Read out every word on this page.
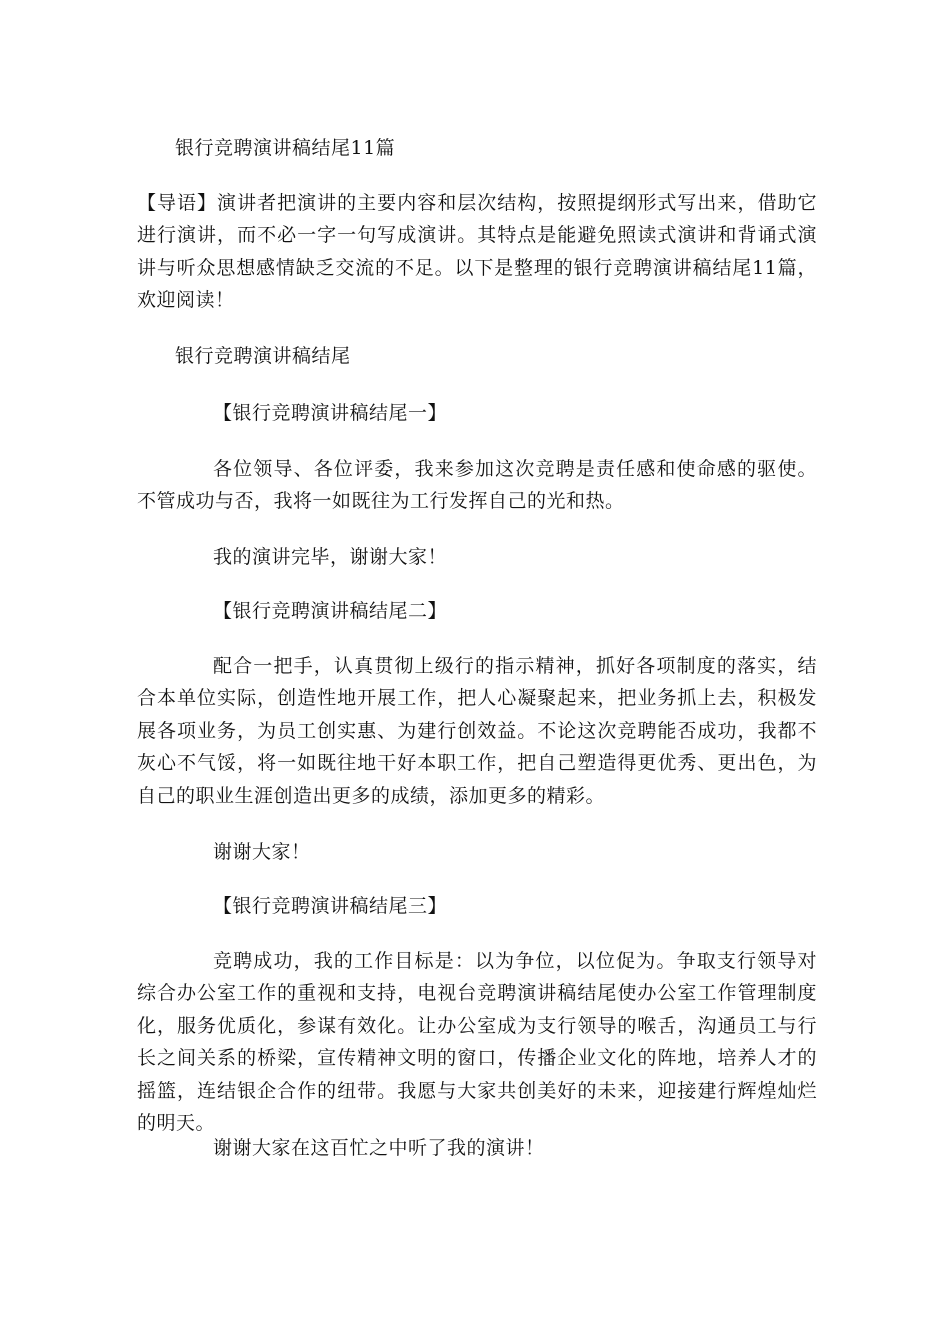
银行竞聘演讲稿结尾11篇
【导语】演讲者把演讲的主要内容和层次结构，按照提纲形式写出来，借助它进行演讲，而不必一字一句写成演讲。其特点是能避免照读式演讲和背诵式演讲与听众思想感情缺乏交流的不足。以下是整理的银行竞聘演讲稿结尾11篇，欢迎阅读！
银行竞聘演讲稿结尾
【银行竞聘演讲稿结尾一】
各位领导、各位评委，我来参加这次竞聘是责任感和使命感的驱使。不管成功与否，我将一如既往为工行发挥自己的光和热。
我的演讲完毕，谢谢大家！
【银行竞聘演讲稿结尾二】
配合一把手，认真贯彻上级行的指示精神，抓好各项制度的落实，结合本单位实际，创造性地开展工作，把人心凝聚起来，把业务抓上去，积极发展各项业务，为员工创实惠、为建行创效益。不论这次竞聘能否成功，我都不灰心不气馁，将一如既往地干好本职工作，把自己塑造得更优秀、更出色，为自己的职业生涯创造出更多的成绩，添加更多的精彩。
谢谢大家！
【银行竞聘演讲稿结尾三】
竞聘成功，我的工作目标是：以为争位，以位促为。争取支行领导对综合办公室工作的重视和支持，电视台竞聘演讲稿结尾使办公室工作管理制度化，服务优质化，参谋有效化。让办公室成为支行领导的喉舌，沟通员工与行长之间关系的桥梁，宣传精神文明的窗口，传播企业文化的阵地，培养人才的摇篮，连结银企合作的纽带。我愿与大家共创美好的未来，迎接建行辉煌灿烂的明天。
谢谢大家在这百忙之中听了我的演讲！
